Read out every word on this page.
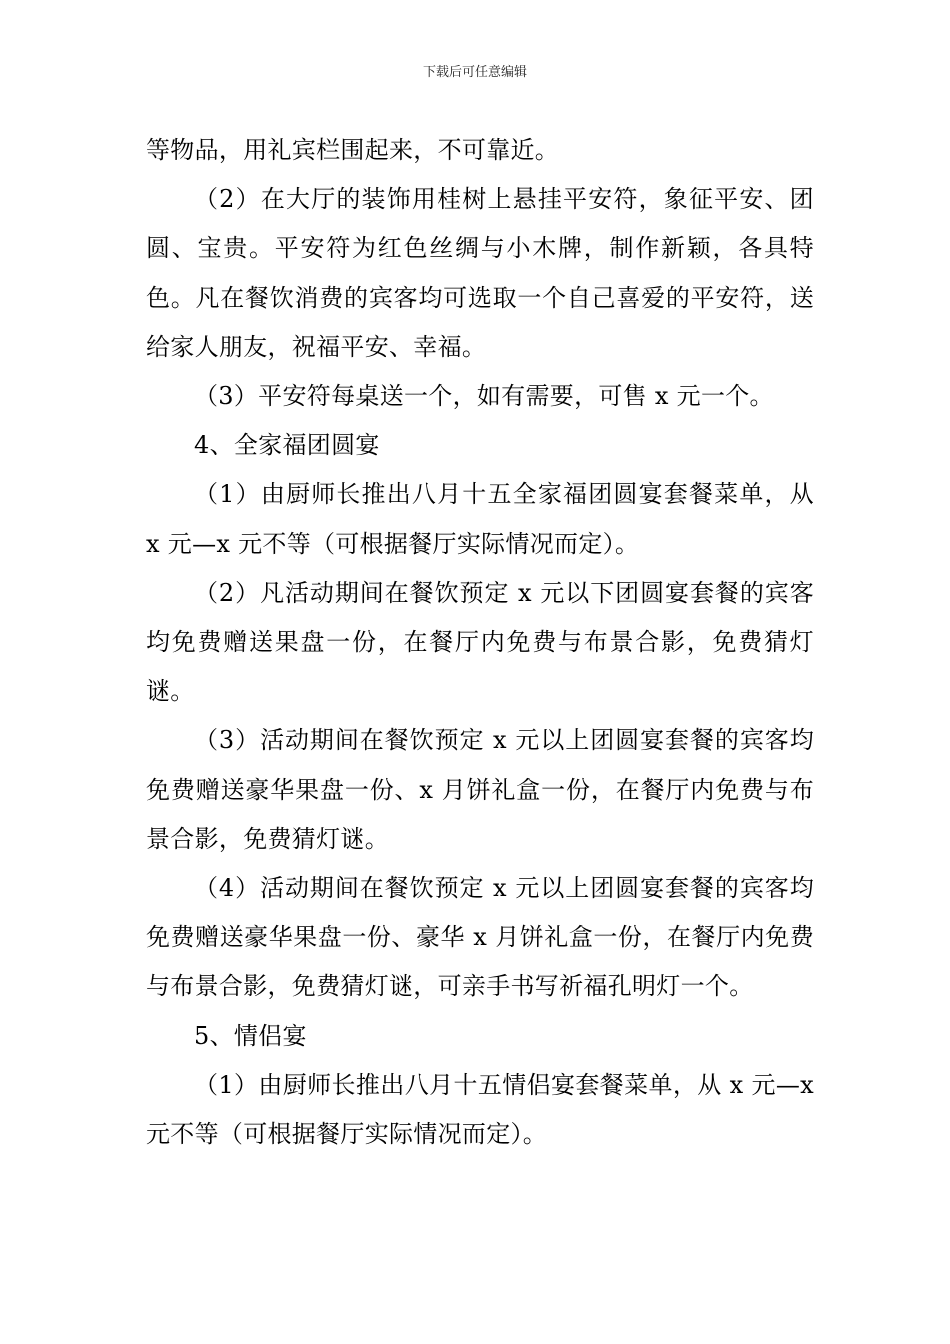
下载后可任意编辑

等物品，用礼宾栏围起来，不可靠近。

（2）在大厅的装饰用桂树上悬挂平安符，象征平安、团圆、宝贵。平安符为红色丝绸与小木牌，制作新颖，各具特色。凡在餐饮消费的宾客均可选取一个自己喜爱的平安符，送给家人朋友，祝福平安、幸福。

（3）平安符每桌送一个，如有需要，可售 x 元一个。

4、全家福团圆宴

（1）由厨师长推出八月十五全家福团圆宴套餐菜单，从 x 元—x 元不等（可根据餐厅实际情况而定）。

（2）凡活动期间在餐饮预定 x 元以下团圆宴套餐的宾客均免费赠送果盘一份，在餐厅内免费与布景合影，免费猜灯谜。

（3）活动期间在餐饮预定 x 元以上团圆宴套餐的宾客均免费赠送豪华果盘一份、x 月饼礼盒一份，在餐厅内免费与布景合影，免费猜灯谜。

（4）活动期间在餐饮预定 x 元以上团圆宴套餐的宾客均免费赠送豪华果盘一份、豪华 x 月饼礼盒一份，在餐厅内免费与布景合影，免费猜灯谜，可亲手书写祈福孔明灯一个。

5、情侣宴

（1）由厨师长推出八月十五情侣宴套餐菜单，从 x 元—x 元不等（可根据餐厅实际情况而定）。
